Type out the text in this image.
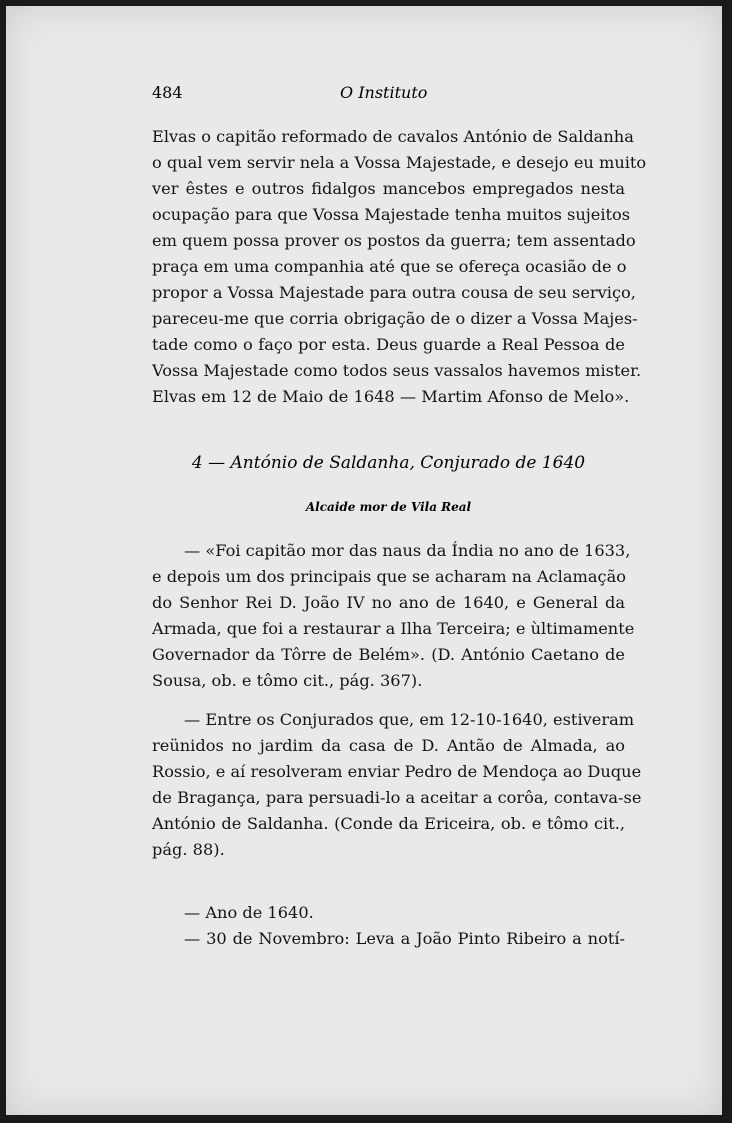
484	O Instituto
Elvas o capitão reformado de cavalos António de Saldanha
o qual vem servir nela a Vossa Majestade, e desejo eu muito
ver êstes e outros fidalgos mancebos empregados nesta
ocupação para que Vossa Majestade tenha muitos sujeitos
em quem possa prover os postos da guerra; tem assentado
praça em uma companhia até que se ofereça ocasião de o
propor a Vossa Majestade para outra cousa de seu serviço,
pareceu-me que corria obrigação de o dizer a Vossa Majes-
tade como o faço por esta. Deus guarde a Real Pessoa de
Vossa Majestade como todos seus vassalos havemos mister.
Elvas em 12 de Maio de 1648 — Martim Afonso de Melo».
4 — António de Saldanha, Conjurado de 1640
Alcaide mor de Vila Real
— «Foi capitão mor das naus da Índia no ano de 1633,
e depois um dos principais que se acharam na Aclamação
do Senhor Rei D. João IV no ano de 1640, e General da
Armada, que foi a restaurar a Ilha Terceira; e ùltimamente
Governador da Tôrre de Belém». (D. António Caetano de
Sousa, ob. e tômo cit., pág. 367).
— Entre os Conjurados que, em 12-10-1640, estiveram
reünidos no jardim da casa de D. Antão de Almada, ao
Rossio, e aí resolveram enviar Pedro de Mendoça ao Duque
de Bragança, para persuadi-lo a aceitar a corôa, contava-se
António de Saldanha. (Conde da Ericeira, ob. e tômo cit.,
pág. 88).
— Ano de 1640.
— 30 de Novembro: Leva a João Pinto Ribeiro a notí-
